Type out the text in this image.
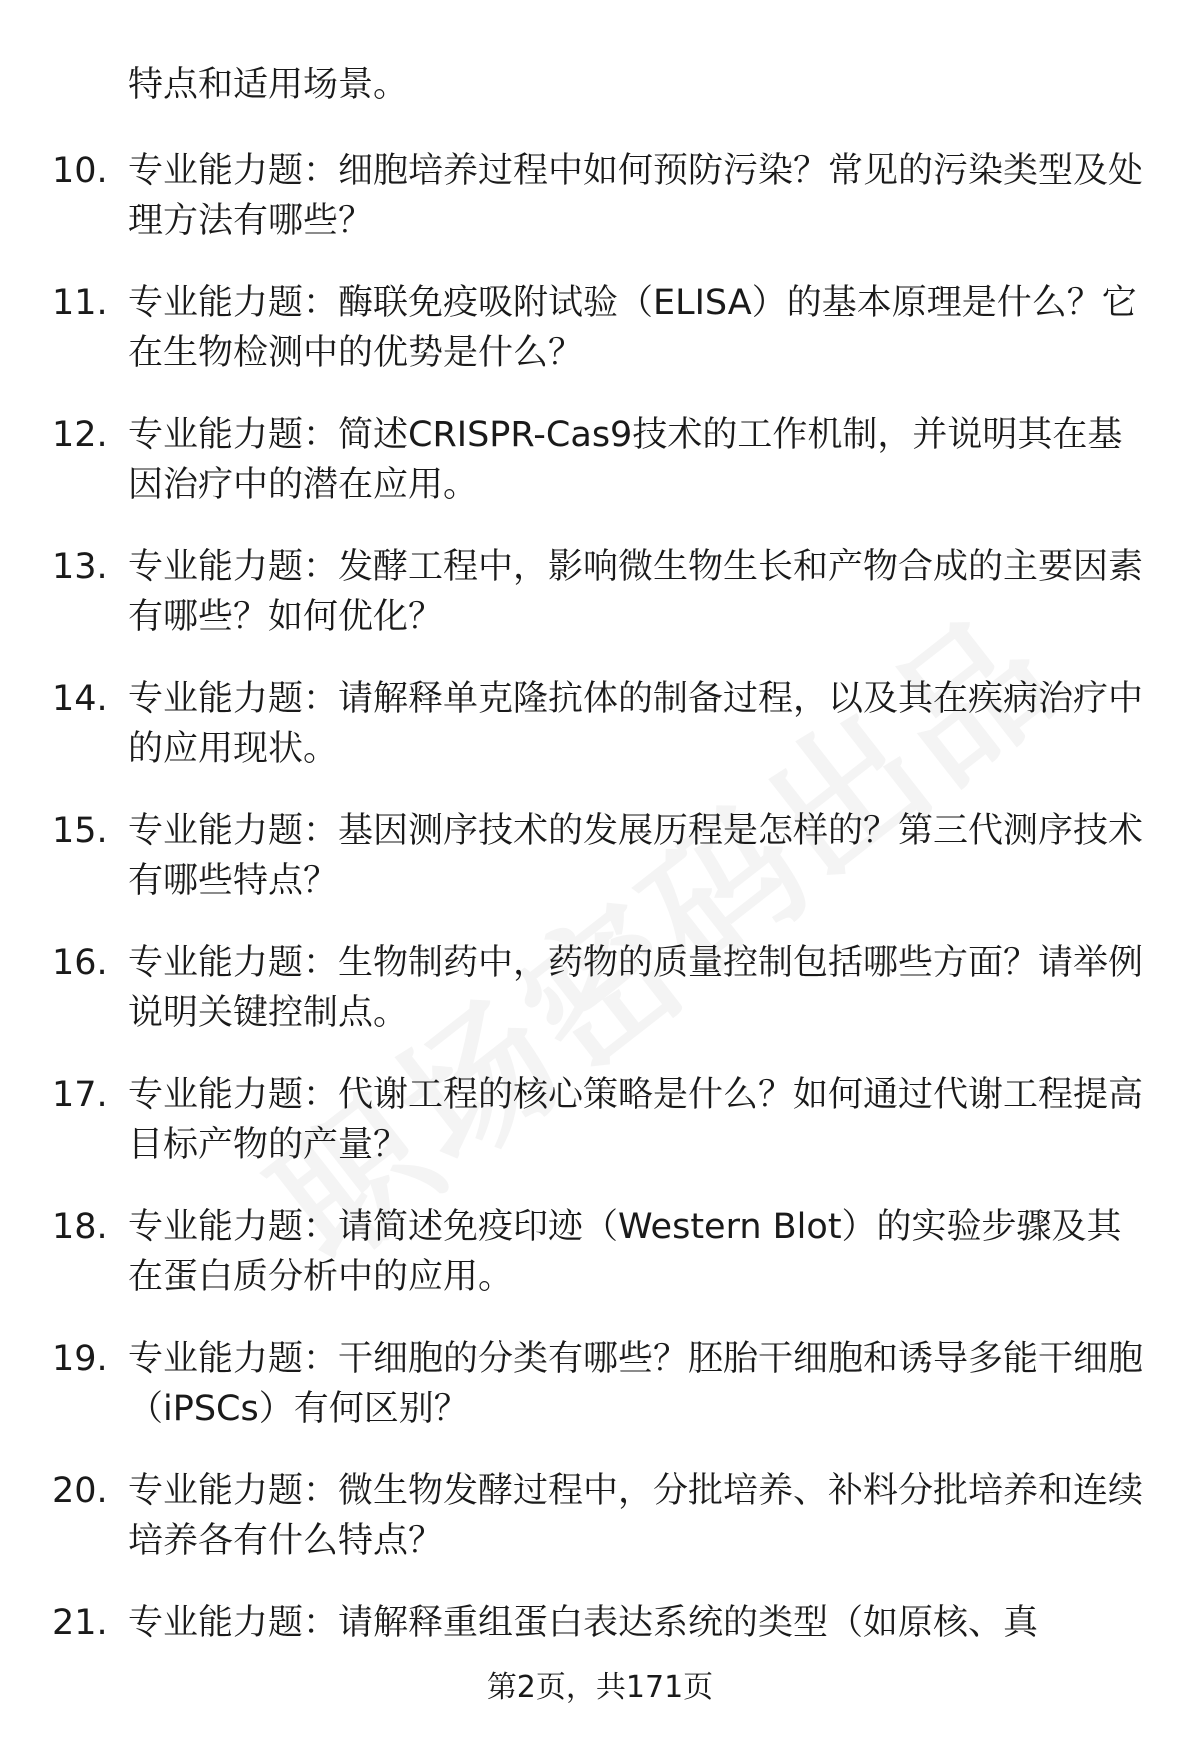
特点和适用场景。

10. 专业能力题：细胞培养过程中如何预防污染？常见的污染类型及处理方法有哪些？

11. 专业能力题：酶联免疫吸附试验（ELISA）的基本原理是什么？它在生物检测中的优势是什么？

12. 专业能力题：简述CRISPR-Cas9技术的工作机制，并说明其在基因治疗中的潜在应用。

13. 专业能力题：发酵工程中，影响微生物生长和产物合成的主要因素有哪些？如何优化？

14. 专业能力题：请解释单克隆抗体的制备过程，以及其在疾病治疗中的应用现状。

15. 专业能力题：基因测序技术的发展历程是怎样的？第三代测序技术有哪些特点？

16. 专业能力题：生物制药中，药物的质量控制包括哪些方面？请举例说明关键控制点。

17. 专业能力题：代谢工程的核心策略是什么？如何通过代谢工程提高目标产物的产量？

18. 专业能力题：请简述免疫印迹（Western Blot）的实验步骤及其在蛋白质分析中的应用。

19. 专业能力题：干细胞的分类有哪些？胚胎干细胞和诱导多能干细胞（iPSCs）有何区别？

20. 专业能力题：微生物发酵过程中，分批培养、补料分批培养和连续培养各有什么特点？

21. 专业能力题：请解释重组蛋白表达系统的类型（如原核、真

第2页，共171页
